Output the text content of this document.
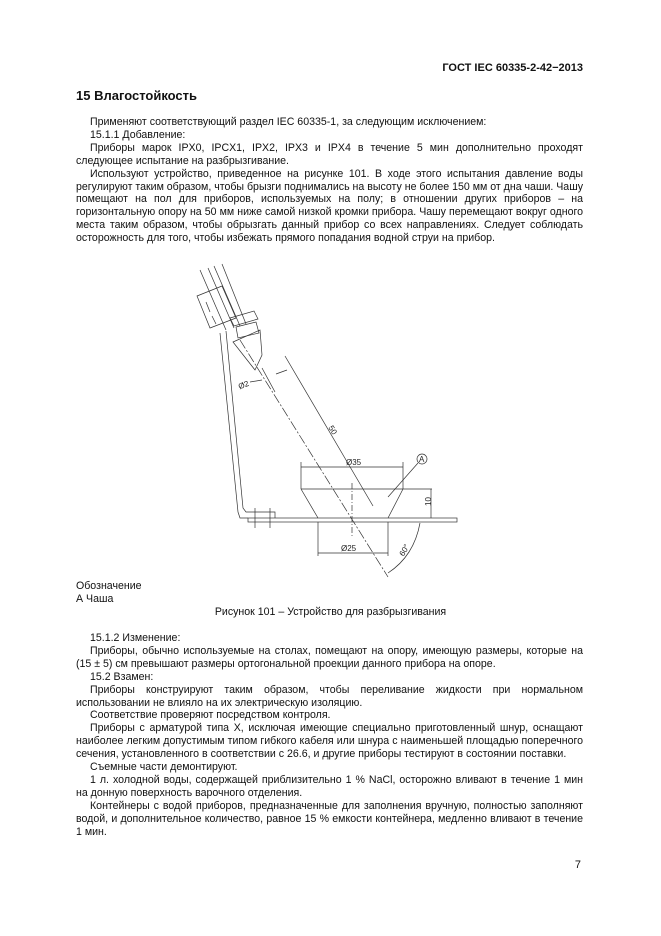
ГОСТ IEC 60335-2-42−2013
15 Влагостойкость

Применяют соответствующий раздел IEC 60335-1, за следующим исключением:

15.1.1 Добавление:

Приборы марок IPX0, IPCX1, IPX2, IPX3 и IPX4 в течение 5 мин дополнительно проходят следующее испытание на разбрызгивание.

Используют устройство, приведенное на рисунке 101. В ходе этого испытания давление воды регулируют таким образом, чтобы брызги поднимались на высоту не более 150 мм от дна чаши. Чашу помещают на пол для приборов, используемых на полу; в отношении других приборов – на горизонтальную опору на 50 мм ниже самой низкой кромки прибора. Чашу перемещают вокруг одного места таким образом, чтобы обрызгать данный прибор со всех направлениях. Следует соблюдать осторожность для того, чтобы избежать прямого попадания водной струи на прибор.

Ø2
50
Ø35	A
10
Ø25	60°
Обозначение
А Чаша
Рисунок 101 – Устройство для разбрызгивания

15.1.2 Изменение:

Приборы, обычно используемые на столах, помещают на опору, имеющую размеры, которые на (15 ± 5) см превышают размеры ортогональной проекции данного прибора на опоре.

15.2 Взамен:

Приборы конструируют таким образом, чтобы переливание жидкости при нормальном использовании не влияло на их электрическую изоляцию.

Соответствие проверяют посредством контроля.

Приборы с арматурой типа X, исключая имеющие специально приготовленный шнур, оснащают наиболее легким допустимым типом гибкого кабеля или шнура с наименьшей площадью поперечного сечения, установленного в соответствии с 26.6, и другие приборы тестируют в состоянии поставки.

Съемные части демонтируют.

1 л. холодной воды, содержащей приблизительно 1 % NaCl, осторожно вливают в течение 1 мин на донную поверхность варочного отделения.

Контейнеры с водой приборов, предназначенные для заполнения вручную, полностью заполняют водой, и дополнительное количество, равное 15 % емкости контейнера, медленно вливают в течение 1 мин.

7
